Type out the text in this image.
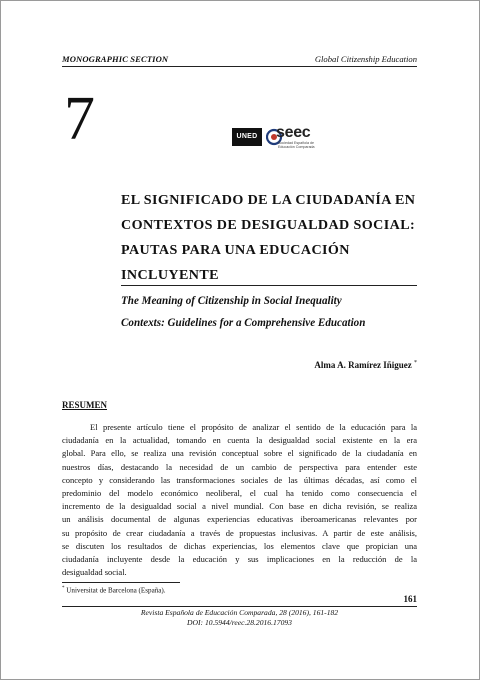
MONOGRAPHIC SECTION	Global Citizenship Education
7	UNED seec
Sociedad Española de Educación Comparada
EL SIGNIFICADO DE LA CIUDADANÍA EN
CONTEXTOS DE DESIGUALDAD SOCIAL:
PAUTAS PARA UNA EDUCACIÓN
INCLUYENTE
The Meaning of Citizenship in Social Inequality
Contexts: Guidelines for a Comprehensive Education
Alma A. Ramírez Iñiguez *
RESUMEN
El presente artículo tiene el propósito de analizar el sentido de la educación para la
ciudadanía en la actualidad, tomando en cuenta la desigualdad social existente en la era
global. Para ello, se realiza una revisión conceptual sobre el significado de la ciudadanía en
nuestros días, destacando la necesidad de un cambio de perspectiva para entender este
concepto y considerando las transformaciones sociales de las últimas décadas, así como el
predominio del modelo económico neoliberal, el cual ha tenido como consecuencia el
incremento de la desigualdad social a nivel mundial. Con base en dicha revisión, se realiza
un análisis documental de algunas experiencias educativas iberoamericanas relevantes por
su propósito de crear ciudadanía a través de propuestas inclusivas. A partir de este análisis,
se discuten los resultados de dichas experiencias, los elementos clave que propician una
ciudadanía incluyente desde la educación y sus implicaciones en la reducción de la
desigualdad social.
* Universitat de Barcelona (España).
161
Revista Española de Educación Comparada, 28 (2016), 161-182
DOI: 10.5944/reec.28.2016.17093
